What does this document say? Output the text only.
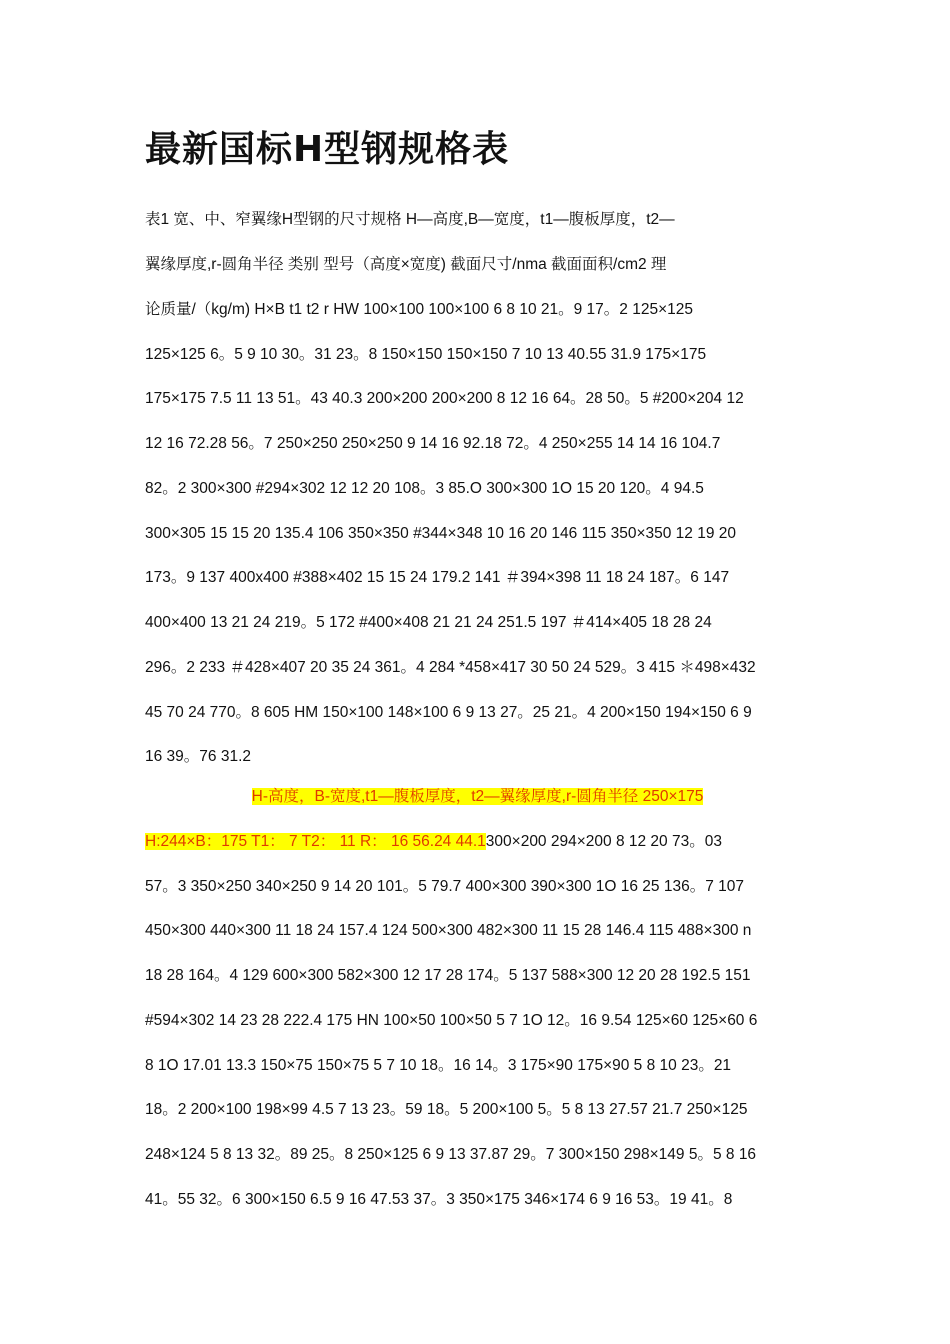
最新国标H型钢规格表
表1 宽、中、窄翼缘H型钢的尺寸规格 H—高度,B—宽度，t1—腹板厚度，t2—
翼缘厚度,r-圆角半径 类别 型号（高度×宽度) 截面尺寸/nma 截面面积/cm2 理
论质量/（kg/m) H×B t1 t2 r HW 100×100 100×100 6 8 10 21。9 17。2 125×125
125×125 6。5 9 10 30。31 23。8 150×150 150×150 7 10 13 40.55 31.9 175×175
175×175 7.5 11 13 51。43 40.3 200×200 200×200 8 12 16 64。28 50。5 #200×204 12
12 16 72.28 56。7 250×250 250×250 9 14 16 92.18 72。4 250×255 14 14 16 104.7
82。2 300×300 #294×302 12 12 20 108。3 85.O 300×300 1O 15 20 120。4 94.5
300×305 15 15 20 135.4 106 350×350 #344×348 10 16 20 146 115 350×350 12 19 20
173。9 137 400x400 #388×402 15 15 24 179.2 141 ＃394×398 11 18 24 187。6 147
400×400 13 21 24 219。5 172 #400×408 21 21 24 251.5 197 ＃414×405 18 28 24
296。2 233 ＃428×407 20 35 24 361。4 284 *458×417 30 50 24 529。3 415 ＊498×432
45 70 24 770。8 605 HM 150×100 148×100 6 9 13 27。25 21。4 200×150 194×150 6 9
16 39。76 31.2
H-高度，B-宽度,t1—腹板厚度，t2—翼缘厚度,r-圆角半径 250×175
H:244×B：175 T1： 7 T2： 11 R： 16 56.24 44.1300×200 294×200 8 12 20 73。03
57。3 350×250 340×250 9 14 20 101。5 79.7 400×300 390×300 1O 16 25 136。7 107
450×300 440×300 11 18 24 157.4 124 500×300 482×300 11 15 28 146.4 115 488×300 n
18 28 164。4 129 600×300 582×300 12 17 28 174。5 137 588×300 12 20 28 192.5 151
#594×302 14 23 28 222.4 175 HN 100×50 100×50 5 7 1O 12。16 9.54 125×60 125×60 6
8 1O 17.01 13.3 150×75 150×75 5 7 10 18。16 14。3 175×90 175×90 5 8 10 23。21
18。2 200×100 198×99 4.5 7 13 23。59 18。5 200×100 5。5 8 13 27.57 21.7 250×125
248×124 5 8 13 32。89 25。8 250×125 6 9 13 37.87 29。7 300×150 298×149 5。5 8 16
41。55 32。6 300×150 6.5 9 16 47.53 37。3 350×175 346×174 6 9 16 53。19 41。8
